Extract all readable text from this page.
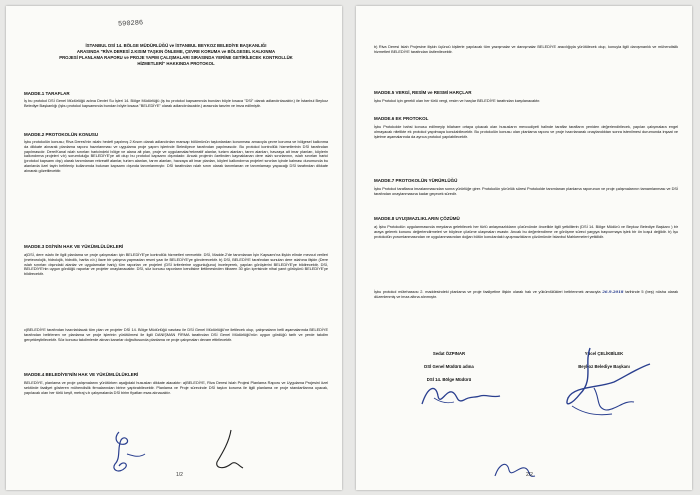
590286
İSTANBUL DSİ 14. BÖLGE MÜDÜRLÜĞÜ ve İSTANBUL BEYKOZ BELEDİYE BAŞKANLIĞI
ARASINDA "RİVA DERESİ 2.KISIM TAŞKIN ÖNLEME, ÇEVRE KORUMA ve BÖLGESEL KALKINMA
PROJESİ PLANLAMA RAPORU ve PROJE YAPIM ÇALIŞMALARI SIRASINDA YERİNE GETİRİLECEK KONTROLLÜK
HİZMETLERİ" HAKKINDA PROTOKOL
MADDE.1 TARAFLAR
İş bu protokol DSİ Genel Müdürlüğü adına Devlet Su İşleri 14. Bölge Müdürlüğü (iş bu protokol kapsamında bundan böyle kısaca "DSİ" olarak adlandırılacaktır.) ile İstanbul Beykoz Belediye Başkanlığı (işbu protokol kapsamında bundan böyle kısaca "BELEDİYE" olarak adlandırılacaktır.) arasında tanzim ve imza edilmiştir.
MADDE.2 PROTOKOLÜN KONUSU
İşbu protokolün konusu; Riva Deresi'nin ıslahı hedefi yapılmış 2.Kısım olarak adlandırılan mansap bölümünün taşkınlardan korunması amacıyla çevre koruma ve bölgesel kalkınma da dikkate alınarak planlama raporu hazırlanması ve uygulama proje yapım işlerinde Belediyece tarafından yapılmasıdır. Bu protokol kontrollük hizmetlerinin DSİ tarafından yapılmasıdır. Dere/Kanal ıslah sınırları haricindeki bölge ve alana ait plan, proje ve uygulamalar/rekreatif alanlar, turizm alanları, tarım alanları, havzaya ait imar planları, köylerin kalkındırma projeleri v.b) sorumluluğu BELEDİYE'ye ait olup bu protokol kapsamı dışındadır. Ancak projenin özelinden kaynaklanan dere ıslah sınırlarının, ıslah sınırları harici (protokol kapsamı dışı) olarak tanımlanan rekreatif alanlar, turizm alanları, tarım alanları, havzaya ait imar planları, köyleri kalkındırma projeleri sınırları içinde kalması durumunda bu alanlarda özel tayin belirlenip kullanımda bulunan kapsamı dışında tanımlanmıştır. DSİ tarafından ıslah sınırı olarak tanımlanan ve tanımlamayı yapacağı DSİ tarafından dikkate alınarak gözetilecektir.
MADDE.3 DSİ'NİN HAK VE YÜKÜMLÜLÜKLERİ
a)DSİ, dere ıslahı ile ilgili planlama ve proje çalışmaları için BELEDİYE'ye kontrollük hizmetleri verecektir. DSİ, Madde.2'de tanımlanan İşin Kapsamı'na ilişkin elinde mevcut verileri (meteorolojik, hidrolojik, hidrolik, harita v.b.) ilave bir çalışma yapmadan resmi yazı ile BELEDİYE'ye gönderecektir. b) DSİ, BELEDİYE tarafından sunulan dere ıslahına ilişkin (Dere ıslah sınırları dışındaki alanlar ve uygulamalar hariç) tüm raporları ve projeleri (DSİ kriterlerine uygunluğunu) inceleyerek, yapılan görüşlerini BELEDİYE'ye bildirecektir. DSİ, BELEDİYE'nin uygun gördüğü raporlar ve projeler onaylanacaktır. DSİ, söz konusu raporların kendisine iletilmesinden itibaren 30 gün içerisinde nihai yanıt görüşünü BELEDİYE'ye bildirecektir.
c)BELEDİYE tarafından hazırlatılacak tüm plan ve projeler DSİ 14. Bölge Müdürlüğü vasıtası ile DSİ Genel Müdürlüğü'ne iletilecek olup, çalışmaların belli aşamalarında BELEDİYE tarafından belirlenen ve planlama ve proje işlerinin yürütülmesi ile ilgili DANIŞMAN FİRMA tarafından DSİ Genel Müdürlüğü'nün uygun gördüğü tarih ve yerde takdim gerçekleştirilecektir. Söz konusu takdimlerde alınan kararlar doğrultusunda planlama ve proje çalışmaları devam ettirilecektir.
MADDE.4 BELEDİYE'NİN HAK VE YÜKÜMLÜLÜKLERİ
BELEDİYE, planlama ve proje çalışmalarını yürütürken aşağıdaki hususları dikkate alacaktır: a)BELEDİYE, Riva Deresi Islah Projesi Planlama Raporu ve Uygulama Projesini özel sektörde faaliyet gösteren mühendislik firmalarından birine yaptırabilecektir. Planlama ve Proje sürecinde DSİ taşkın koruma ile ilgili planlama ve proje standartlarına uyacak, yapılacak olan her türlü keşif, metraj v.b çalışmalarda DSİ birim fiyatları esas alınacaktır.
1/2
b) Riva Deresi Islah Projesine ilişkin üçüncü kişilerle yapılacak tüm yazışmalar ve danışmalar BELEDİYE aracılığıyla yürütülecek olup, konuyla ilgili danışmanlık ve mühendislik hizmetleri BELEDİYE tarafından üstlenilecektir.
MADDE.5 VERGİ, RESİM ve RESMİ HARÇLAR
İşbu Protokol için gerekli olan her türlü vergi, resim ve harçlar BELEDİYE tarafından karşılanacaktır.
MADDE.6 EK PROTOKOL
İşbu Protokolde bahsi konusu edilmeyip bilahare ortaya çıkacak olan hususların mevcudiyeti halinde taraflar tarafların yeniden değerlendirilecek, yapılan çalışmalara engel olmayacak nitelikte ek protokol yapılmaya konulabilecektir. Bu protokolün konusu olan planlama raporu ve proje hazırlanarak onaylandıktan sonra istenilmesi durumunda inşaat ve işletme aşamalarında da ayrıca protokol yapılabilecektir.
MADDE.7 PROTOKOLÜN YÜRÜRLÜĞÜ
İşbu Protokol taraflarca imzalanmasından sonra yürürlüğe girer. Protokolün yürürlük süresi Protokolde tanımlanan planlama raporunun ve proje çalışmalarının tamamlanması ve DSİ tarafından onaylanmasına kadar geçecek süredir.
MADDE.8 UYUŞMAZLIKLARIN ÇÖZÜMÜ
a) İşbu Protokolün uygulanmasında meydana gelebilecek her türlü anlaşmazlıkların çözümünde öncelikle ilgili yetkililerin (DSİ 14. Bölge Müdürü ve Beykoz Belediye Başkanı ) bir araya gelerek konunu değerlendirmeleri ve böylece çözüme ulaşmaları esastır. Ancak bu değerlendirme ve görüşme süreci yargıya başvurmaya işlek bir ön koşul değildir. b) İşu protokolün yorumlanmasından ve uygulanmasından doğan bütün konulardaki uyuşmazlıkların çözümünde İstanbul Mahkemeleri yetkilidir.
İşbu protokol mütehassısı 2. maddesindeki planlama ve proje faaliyetine ilişkin olarak hak ve yükümlülükleri belirlenmek amacıyla 26.9.2018 tarihinde 5 (beş) nüsha olarak düzenlenmiş ve imza altına alınmıştır.
Sedat ÖZPINAR
DSİ Genel Müdürü adına
DSİ 14. Bölge Müdürü
Yücel ÇELİKBİLEK
Beykoz Belediye Başkanı
2/2
